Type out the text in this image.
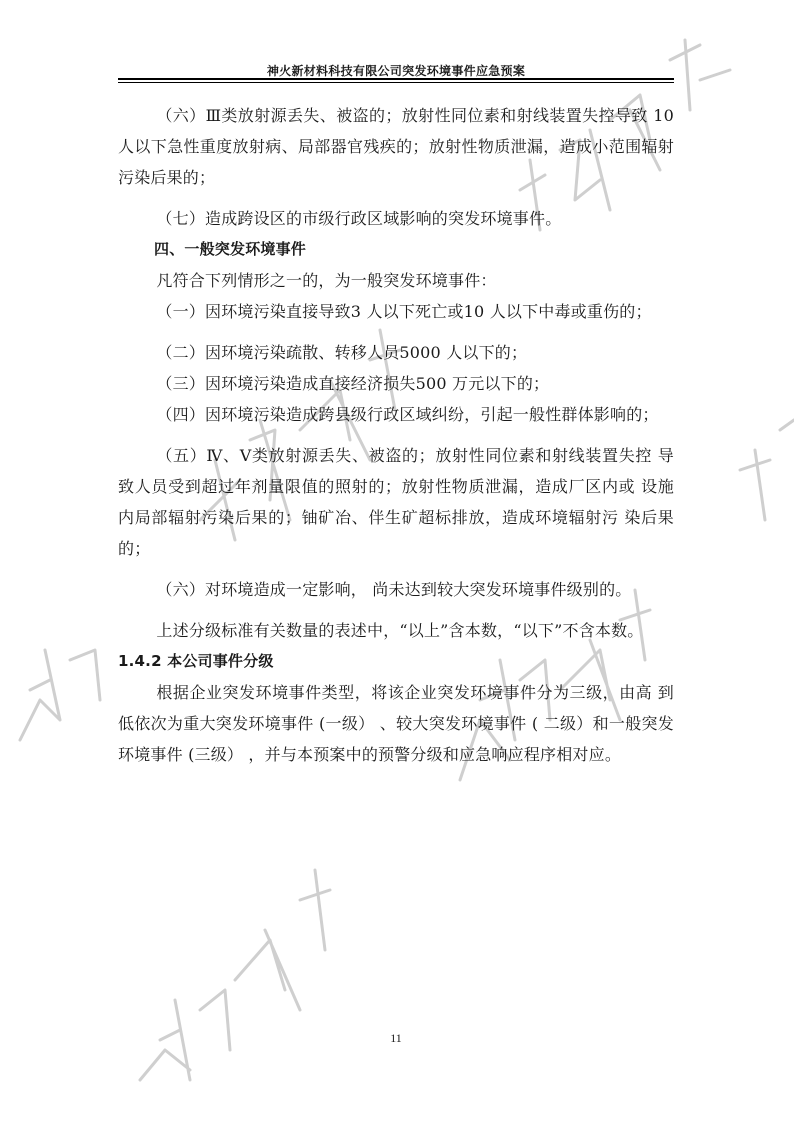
神火新材料科技有限公司突发环境事件应急预案

（六）Ⅲ类放射源丢失、被盗的；放射性同位素和射线装置失控导致 10 人以下急性重度放射病、局部器官残疾的；放射性物质泄漏，造成小范围辐射污染后果的；

（七）造成跨设区的市级行政区域影响的突发环境事件。

四、一般突发环境事件

凡符合下列情形之一的，为一般突发环境事件：

（一）因环境污染直接导致3 人以下死亡或10 人以下中毒或重伤的；

（二）因环境污染疏散、转移人员5000 人以下的；

（三）因环境污染造成直接经济损失500 万元以下的；

（四）因环境污染造成跨县级行政区域纠纷，引起一般性群体影响的；

（五）Ⅳ、Ⅴ类放射源丢失、被盗的；放射性同位素和射线装置失控 导致人员受到超过年剂量限值的照射的；放射性物质泄漏，造成厂区内或 设施内局部辐射污染后果的；铀矿冶、伴生矿超标排放，造成环境辐射污 染后果的；

（六）对环境造成一定影响， 尚未达到较大突发环境事件级别的。

上述分级标准有关数量的表述中，“以上”含本数，“以下”不含本数。

1.4.2 本公司事件分级

根据企业突发环境事件类型，将该企业突发环境事件分为三级，由高 到低依次为重大突发环境事件 (一级） 、较大突发环境事件 ( 二级）和一般突发环境事件 (三级） ，并与本预案中的预警分级和应急响应程序相对应。

11
